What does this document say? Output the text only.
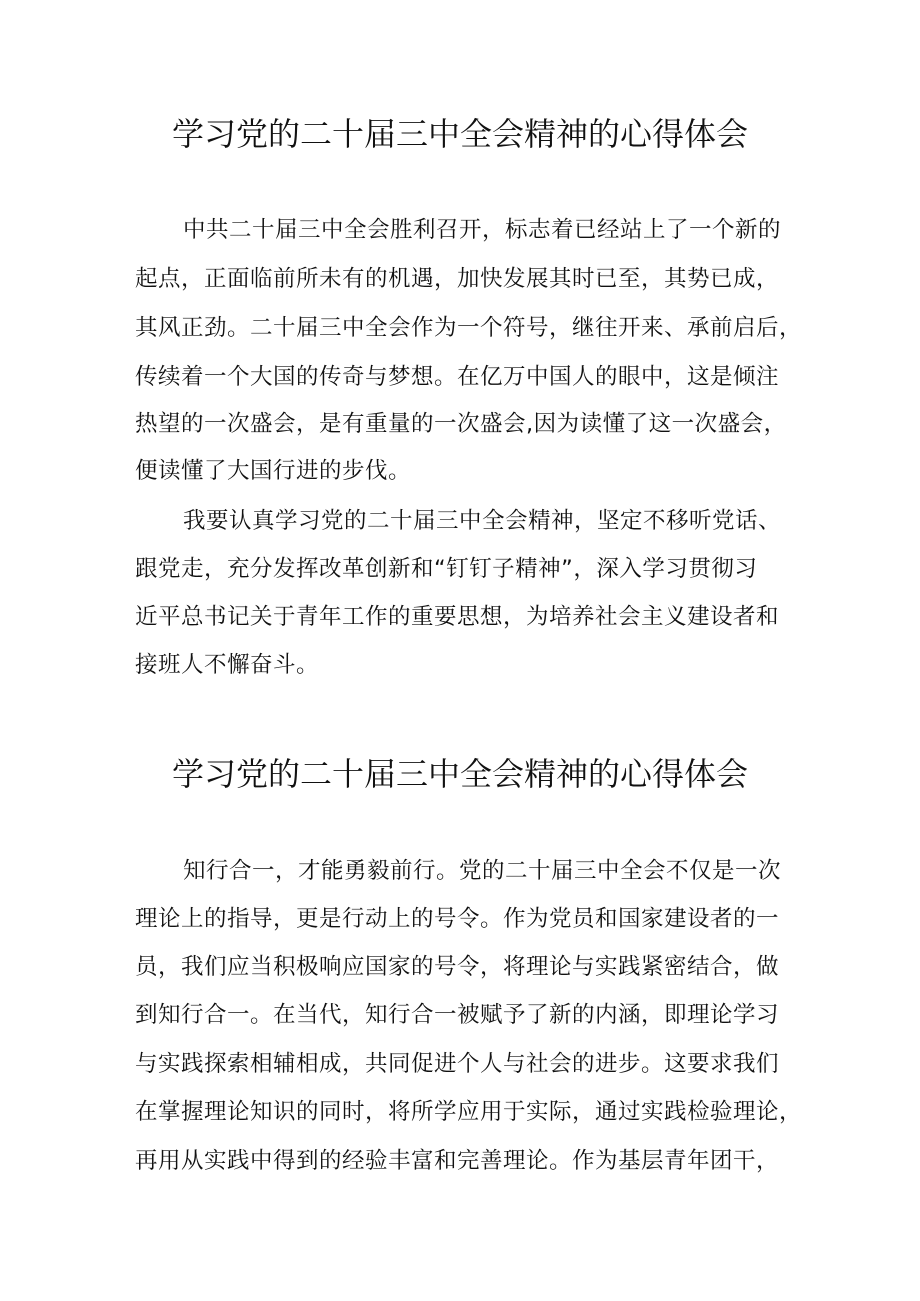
学习党的二十届三中全会精神的心得体会

中共二十届三中全会胜利召开，标志着已经站上了一个新的

起点，正面临前所未有的机遇，加快发展其时已至，其势已成，

其风正劲。二十届三中全会作为一个符号，继往开来、承前启后，

传续着一个大国的传奇与梦想。在亿万中国人的眼中，这是倾注

热望的一次盛会，是有重量的一次盛会,因为读懂了这一次盛会，

便读懂了大国行进的步伐。

我要认真学习党的二十届三中全会精神，坚定不移听党话、

跟党走，充分发挥改革创新和“钉钉子精神”，深入学习贯彻习

近平总书记关于青年工作的重要思想，为培养社会主义建设者和

接班人不懈奋斗。

学习党的二十届三中全会精神的心得体会

知行合一，才能勇毅前行。党的二十届三中全会不仅是一次

理论上的指导，更是行动上的号令。作为党员和国家建设者的一

员，我们应当积极响应国家的号令，将理论与实践紧密结合，做

到知行合一。在当代，知行合一被赋予了新的内涵，即理论学习

与实践探索相辅相成，共同促进个人与社会的进步。这要求我们

在掌握理论知识的同时，将所学应用于实际，通过实践检验理论，

再用从实践中得到的经验丰富和完善理论。作为基层青年团干，
